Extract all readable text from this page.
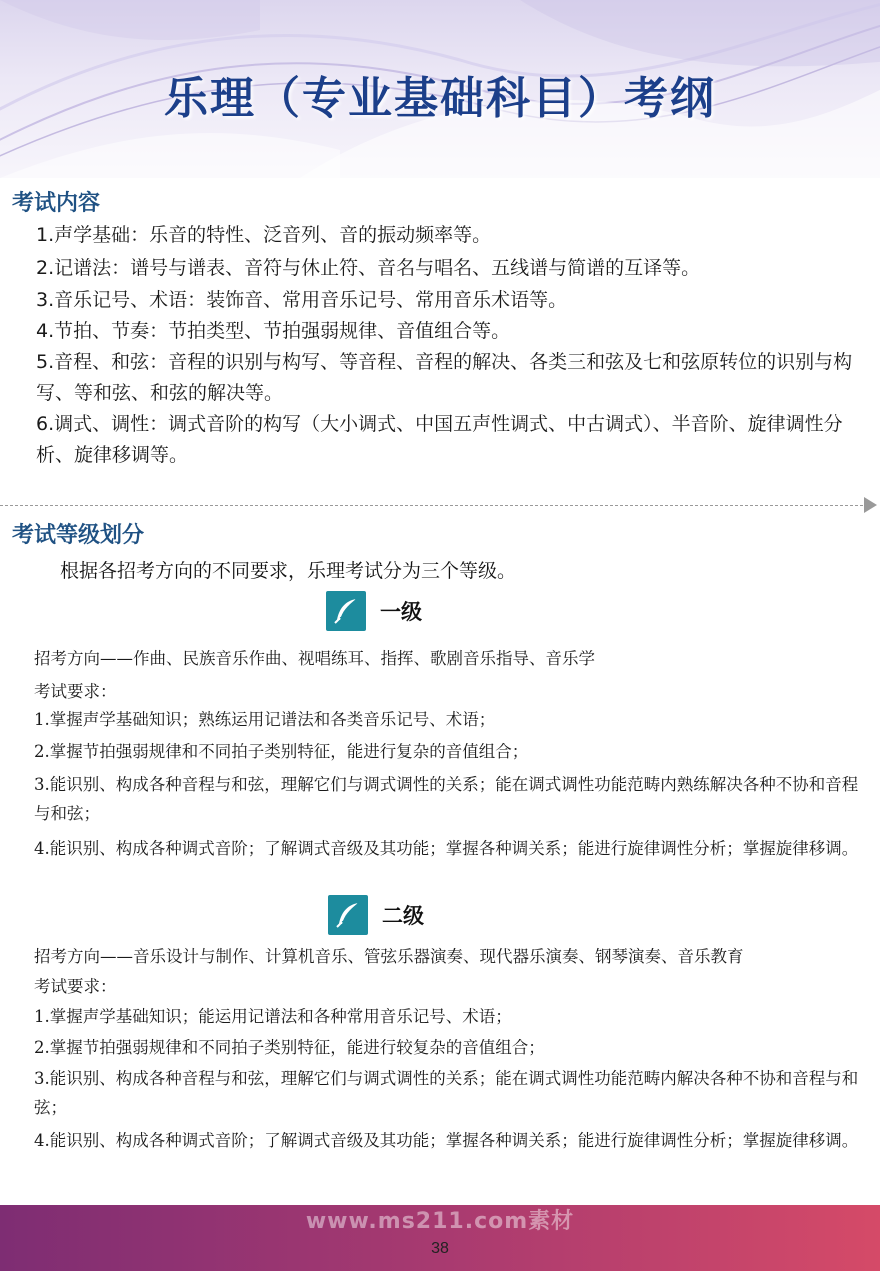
乐理（专业基础科目）考纲
考试内容
1.声学基础：乐音的特性、泛音列、音的振动频率等。
2.记谱法：谱号与谱表、音符与休止符、音名与唱名、五线谱与简谱的互译等。
3.音乐记号、术语：装饰音、常用音乐记号、常用音乐术语等。
4.节拍、节奏：节拍类型、节拍强弱规律、音值组合等。
5.音程、和弦：音程的识别与构写、等音程、音程的解决、各类三和弦及七和弦原转位的识别与构写、等和弦、和弦的解决等。
6.调式、调性：调式音阶的构写（大小调式、中国五声性调式、中古调式）、半音阶、旋律调性分析、旋律移调等。
考试等级划分
根据各招考方向的不同要求，乐理考试分为三个等级。
一级
招考方向——作曲、民族音乐作曲、视唱练耳、指挥、歌剧音乐指导、音乐学
考试要求：
1.掌握声学基础知识；熟练运用记谱法和各类音乐记号、术语；
2.掌握节拍强弱规律和不同拍子类别特征，能进行复杂的音值组合；
3.能识别、构成各种音程与和弦，理解它们与调式调性的关系；能在调式调性功能范畴内熟练解决各种不协和音程与和弦；
4.能识别、构成各种调式音阶；了解调式音级及其功能；掌握各种调关系；能进行旋律调性分析；掌握旋律移调。
二级
招考方向——音乐设计与制作、计算机音乐、管弦乐器演奏、现代器乐演奏、钢琴演奏、音乐教育
考试要求：
1.掌握声学基础知识；能运用记谱法和各种常用音乐记号、术语；
2.掌握节拍强弱规律和不同拍子类别特征，能进行较复杂的音值组合；
3.能识别、构成各种音程与和弦，理解它们与调式调性的关系；能在调式调性功能范畴内解决各种不协和音程与和弦；
4.能识别、构成各种调式音阶；了解调式音级及其功能；掌握各种调关系；能进行旋律调性分析；掌握旋律移调。
www.ms211.com素材
38
